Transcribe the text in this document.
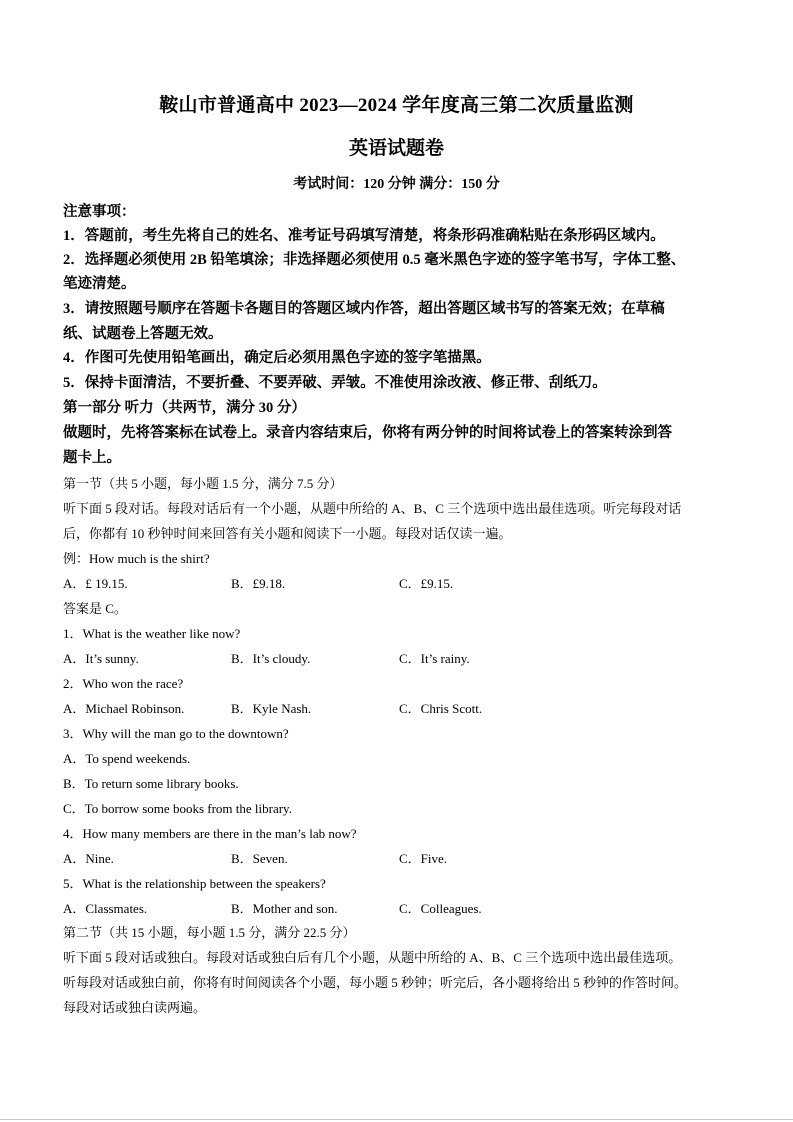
鞍山市普通高中 2023—2024 学年度高三第二次质量监测
英语试题卷
考试时间：120 分钟 满分：150 分
注意事项：
1．答题前，考生先将自己的姓名、准考证号码填写清楚，将条形码准确粘贴在条形码区域内。
2．选择题必须使用 2B 铅笔填涂；非选择题必须使用 0.5 毫米黑色字迹的签字笔书写，字体工整、
笔迹清楚。
3．请按照题号顺序在答题卡各题目的答题区域内作答，超出答题区域书写的答案无效；在草稿
纸、试题卷上答题无效。
4．作图可先使用铅笔画出，确定后必须用黑色字迹的签字笔描黑。
5．保持卡面清洁，不要折叠、不要弄破、弄皱。不准使用涂改液、修正带、刮纸刀。
第一部分 听力（共两节，满分 30 分）
做题时，先将答案标在试卷上。录音内容结束后，你将有两分钟的时间将试卷上的答案转涂到答
题卡上。
第一节（共 5 小题，每小题 1.5 分，满分 7.5 分）
听下面 5 段对话。每段对话后有一个小题，从题中所给的 A、B、C 三个选项中选出最佳选项。听完每段对话
后，你都有 10 秒钟时间来回答有关小题和阅读下一小题。每段对话仅读一遍。
例：How much is the shirt?
A．£ 19.15.	B．£9.18.	C．£9.15.
答案是 C。
1．What is the weather like now?
A．It’s sunny.	B．It’s cloudy.	C．It’s rainy.
2．Who won the race?
A．Michael Robinson.	B．Kyle Nash.	C．Chris Scott.
3．Why will the man go to the downtown?
A．To spend weekends.
B．To return some library books.
C．To borrow some books from the library.
4．How many members are there in the man’s lab now?
A．Nine.	B．Seven.	C．Five.
5．What is the relationship between the speakers?
A．Classmates.	B．Mother and son.	C．Colleagues.
第二节（共 15 小题，每小题 1.5 分，满分 22.5 分）
听下面 5 段对话或独白。每段对话或独白后有几个小题，从题中所给的 A、B、C 三个选项中选出最佳选项。
听每段对话或独白前，你将有时间阅读各个小题，每小题 5 秒钟；听完后，各小题将给出 5 秒钟的作答时间。
每段对话或独白读两遍。
